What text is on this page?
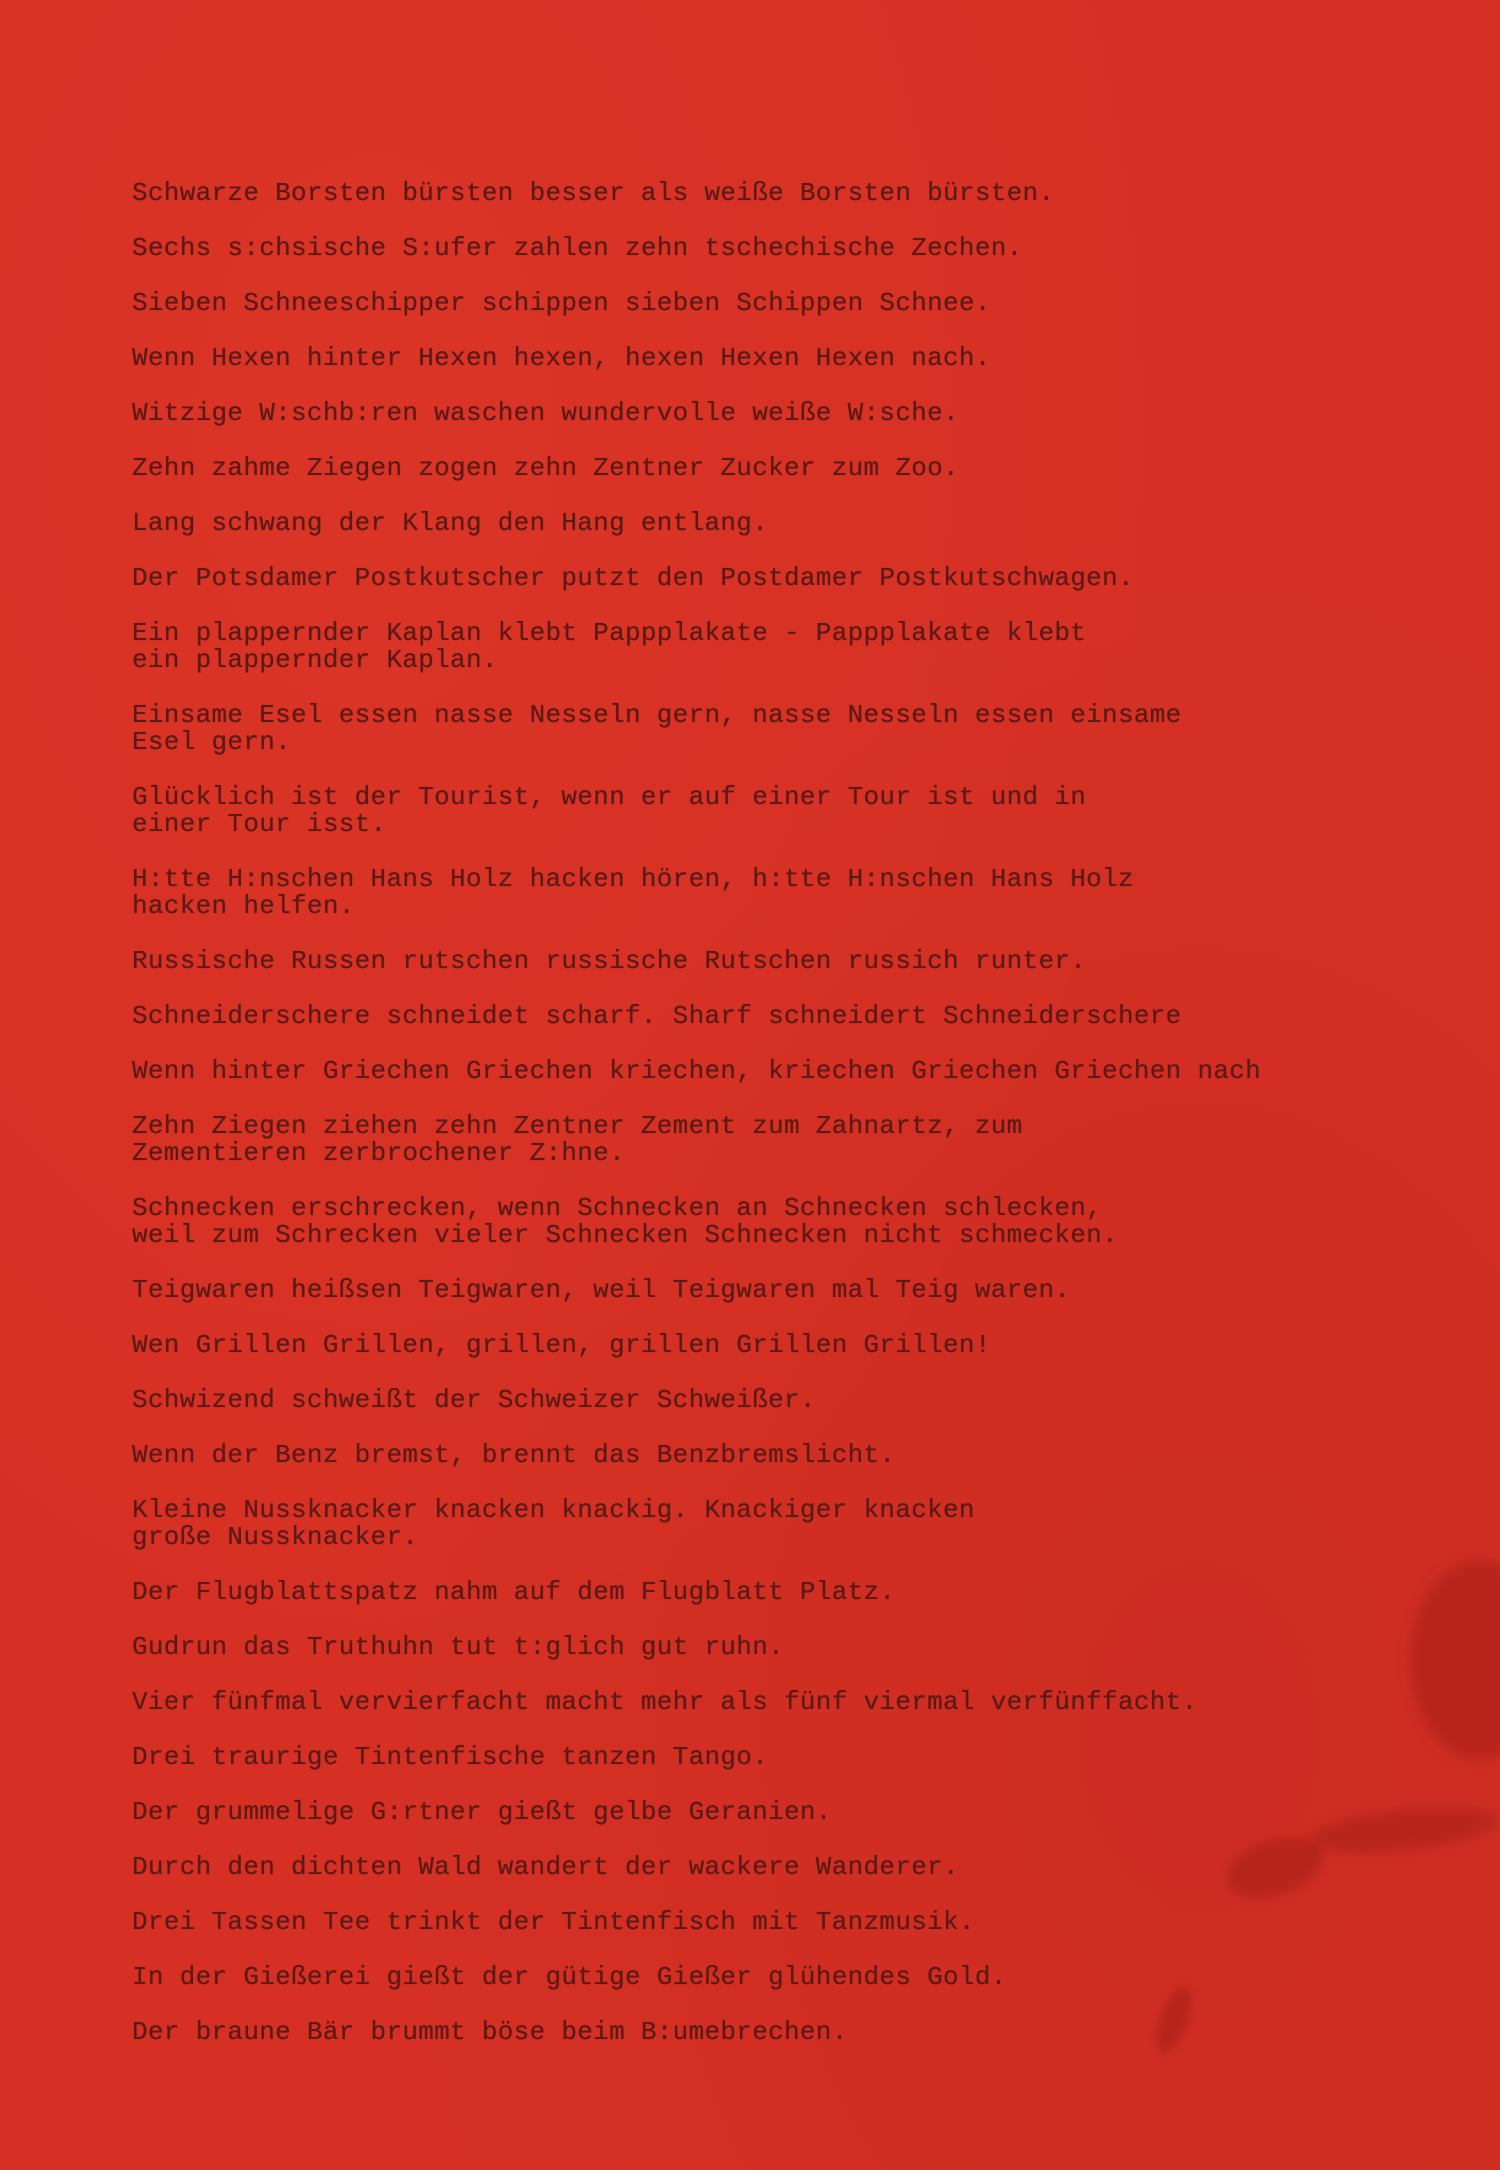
Schwarze Borsten bürsten besser als weiße Borsten bürsten.
Sechs s:chsische S:ufer zahlen zehn tschechische Zechen.
Sieben Schneeschipper schippen sieben Schippen Schnee.
Wenn Hexen hinter Hexen hexen, hexen Hexen Hexen nach.
Witzige W:schb:ren waschen wundervolle weiße W:sche.
Zehn zahme Ziegen zogen zehn Zentner Zucker zum Zoo.
Lang schwang der Klang den Hang entlang.
Der Potsdamer Postkutscher putzt den Postdamer Postkutschwagen.
Ein plappernder Kaplan klebt Pappplakate - Pappplakate klebt
ein plappernder Kaplan.
Einsame Esel essen nasse Nesseln gern, nasse Nesseln essen einsame
Esel gern.
Glücklich ist der Tourist, wenn er auf einer Tour ist und in
einer Tour isst.
H:tte H:nschen Hans Holz hacken hören, h:tte H:nschen Hans Holz
hacken helfen.
Russische Russen rutschen russische Rutschen russich runter.
Schneiderschere schneidet scharf. Sharf schneidert Schneiderschere
Wenn hinter Griechen Griechen kriechen, kriechen Griechen Griechen nach
Zehn Ziegen ziehen zehn Zentner Zement zum Zahnartz, zum
Zementieren zerbrochener Z:hne.
Schnecken erschrecken, wenn Schnecken an Schnecken schlecken,
weil zum Schrecken vieler Schnecken Schnecken nicht schmecken.
Teigwaren heißsen Teigwaren, weil Teigwaren mal Teig waren.
Wen Grillen Grillen, grillen, grillen Grillen Grillen!
Schwizend schweißt der Schweizer Schweißer.
Wenn der Benz bremst, brennt das Benzbremslicht.
Kleine Nussknacker knacken knackig. Knackiger knacken
große Nussknacker.
Der Flugblattspatz nahm auf dem Flugblatt Platz.
Gudrun das Truthuhn tut t:glich gut ruhn.
Vier fünfmal vervierfacht macht mehr als fünf viermal verfünffacht.
Drei traurige Tintenfische tanzen Tango.
Der grummelige G:rtner gießt gelbe Geranien.
Durch den dichten Wald wandert der wackere Wanderer.
Drei Tassen Tee trinkt der Tintenfisch mit Tanzmusik.
In der Gießerei gießt der gütige Gießer glühendes Gold.
Der braune Bär brummt böse beim B:umebrechen.
